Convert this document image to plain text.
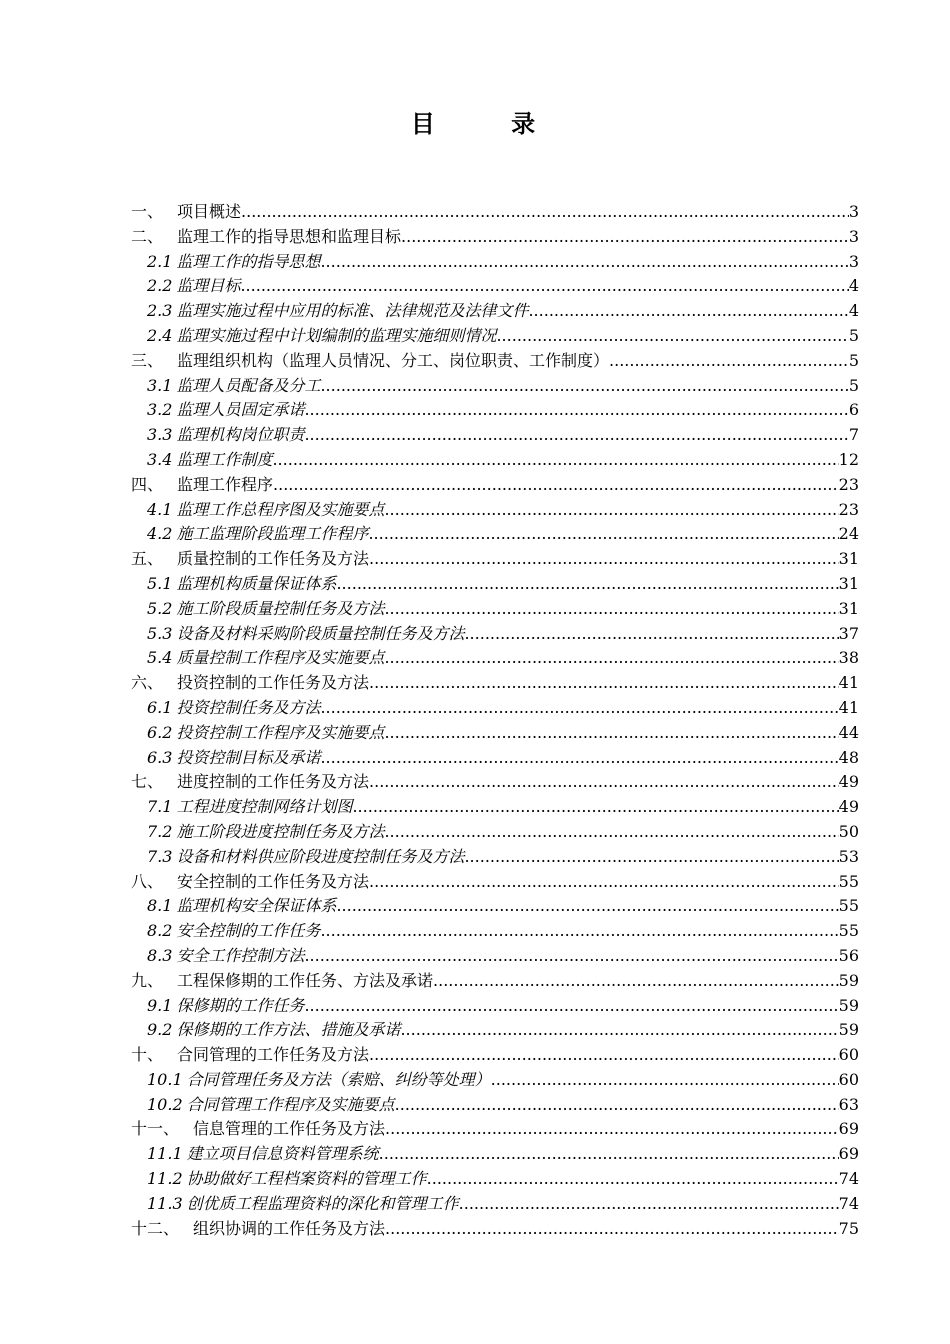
目 录
一、 项目概述 .....	3
二、 监理工作的指导思想和监理目标 .....	3
2.1 监理工作的指导思想 .....	3
2.2 监理目标 .....	4
2.3 监理实施过程中应用的标准、法律规范及法律文件 .....	4
2.4 监理实施过程中计划编制的监理实施细则情况 .....	5
三、 监理组织机构（监理人员情况、分工、岗位职责、工作制度） .....	5
3.1 监理人员配备及分工 .....	5
3.2 监理人员固定承诺 .....	6
3.3 监理机构岗位职责 .....	7
3.4 监理工作制度 .....	12
四、 监理工作程序 .....	23
4.1 监理工作总程序图及实施要点 .....	23
4.2 施工监理阶段监理工作程序 .....	24
五、 质量控制的工作任务及方法 .....	31
5.1 监理机构质量保证体系 .....	31
5.2 施工阶段质量控制任务及方法 .....	31
5.3 设备及材料采购阶段质量控制任务及方法 .....	37
5.4 质量控制工作程序及实施要点 .....	38
六、 投资控制的工作任务及方法 .....	41
6.1 投资控制任务及方法 .....	41
6.2 投资控制工作程序及实施要点 .....	44
6.3 投资控制目标及承诺 .....	48
七、 进度控制的工作任务及方法 .....	49
7.1 工程进度控制网络计划图 .....	49
7.2 施工阶段进度控制任务及方法 .....	50
7.3 设备和材料供应阶段进度控制任务及方法 .....	53
八、 安全控制的工作任务及方法 .....	55
8.1 监理机构安全保证体系 .....	55
8.2 安全控制的工作任务 .....	55
8.3 安全工作控制方法 .....	56
九、 工程保修期的工作任务、方法及承诺 .....	59
9.1 保修期的工作任务 .....	59
9.2 保修期的工作方法、措施及承诺 .....	59
十、 合同管理的工作任务及方法 .....	60
10.1 合同管理任务及方法（索赔、纠纷等处理） .....	60
10.2 合同管理工作程序及实施要点 .....	63
十一、 信息管理的工作任务及方法 .....	69
11.1 建立项目信息资料管理系统 .....	69
11.2 协助做好工程档案资料的管理工作 .....	74
11.3 创优质工程监理资料的深化和管理工作 .....	74
十二、 组织协调的工作任务及方法 .....	75
